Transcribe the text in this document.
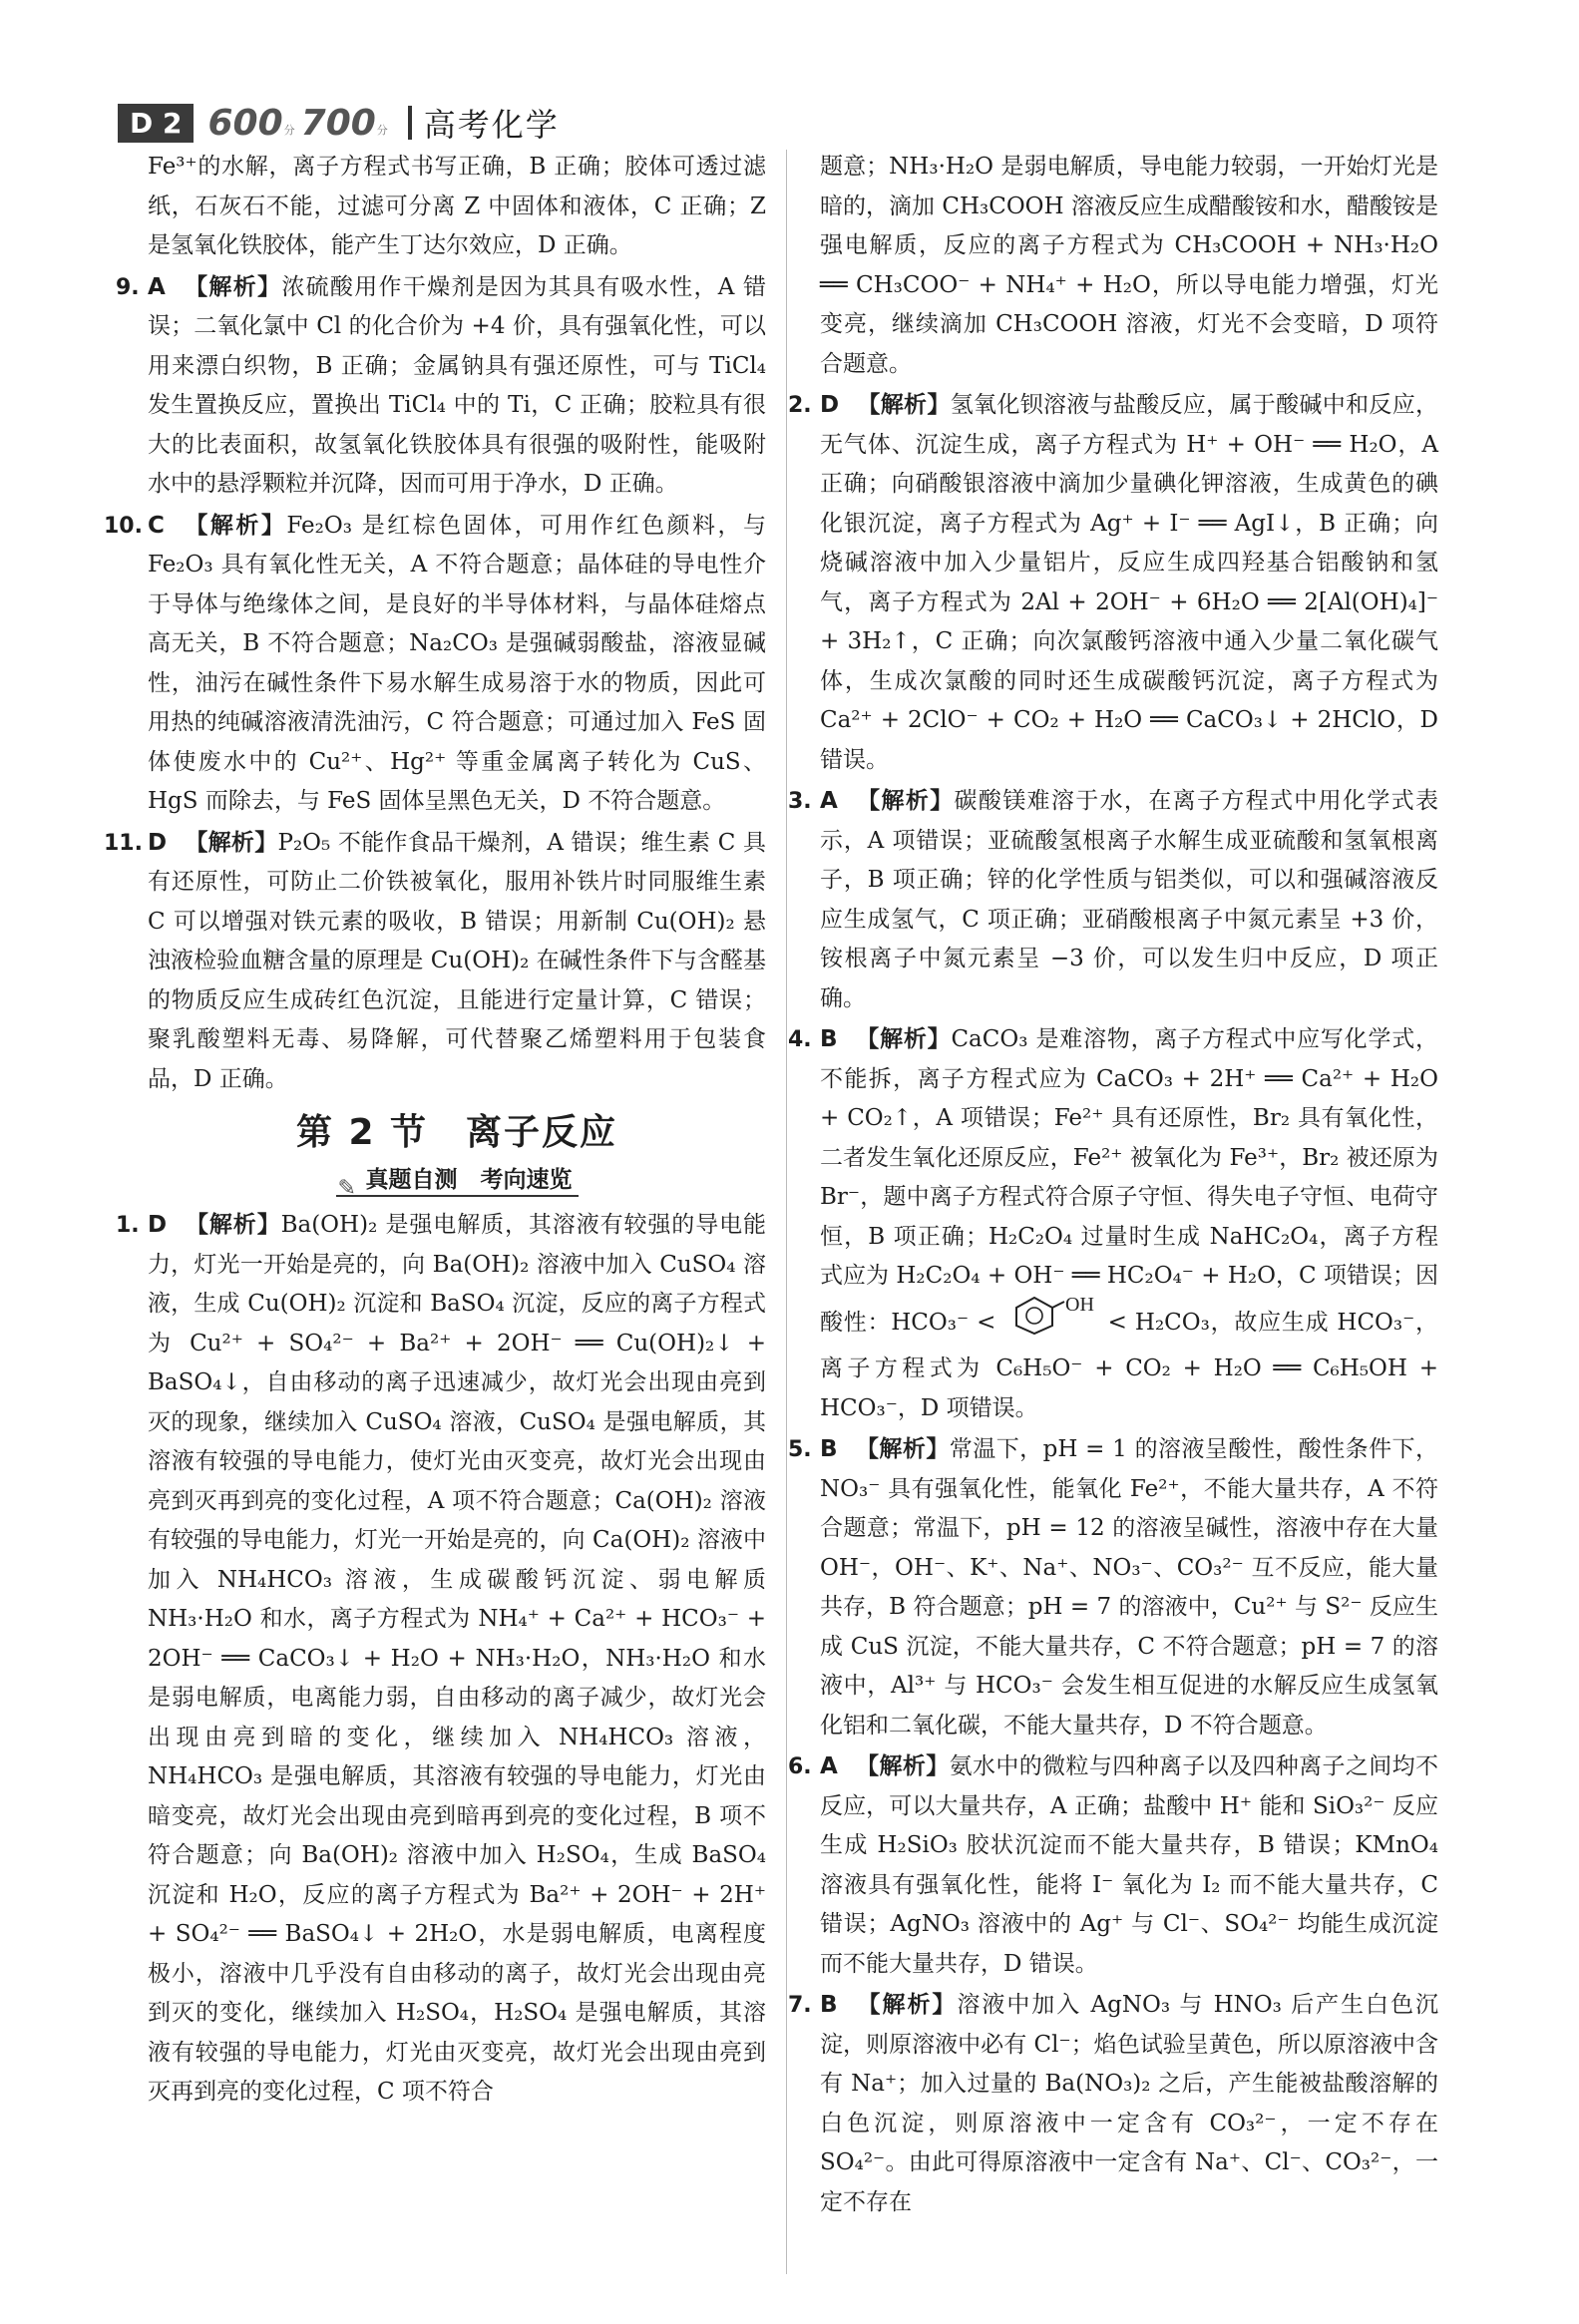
D 2 600 分 700 分 高考化学

Fe³⁺的水解，离子方程式书写正确，B 正确；胶体可透过滤纸，石灰石不能，过滤可分离 Z 中固体和液体，C 正确；Z 是氢氧化铁胶体，能产生丁达尔效应，D 正确。

9. A 【解析】浓硫酸用作干燥剂是因为其具有吸水性，A 错误；二氧化氯中 Cl 的化合价为 +4 价，具有强氧化性，可以用来漂白织物，B 正确；金属钠具有强还原性，可与 TiCl₄ 发生置换反应，置换出 TiCl₄ 中的 Ti，C 正确；胶粒具有很大的比表面积，故氢氧化铁胶体具有很强的吸附性，能吸附水中的悬浮颗粒并沉降，因而可用于净水，D 正确。
10. C 【解析】Fe₂O₃ 是红棕色固体，可用作红色颜料，与 Fe₂O₃ 具有氧化性无关，A 不符合题意；晶体硅的导电性介于导体与绝缘体之间，是良好的半导体材料，与晶体硅熔点高无关，B 不符合题意；Na₂CO₃ 是强碱弱酸盐，溶液显碱性，油污在碱性条件下易水解生成易溶于水的物质，因此可用热的纯碱溶液清洗油污，C 符合题意；可通过加入 FeS 固体使废水中的 Cu²⁺、Hg²⁺ 等重金属离子转化为 CuS、HgS 而除去，与 FeS 固体呈黑色无关，D 不符合题意。
11. D 【解析】P₂O₅ 不能作食品干燥剂，A 错误；维生素 C 具有还原性，可防止二价铁被氧化，服用补铁片时同服维生素 C 可以增强对铁元素的吸收，B 错误；用新制 Cu(OH)₂ 悬浊液检验血糖含量的原理是 Cu(OH)₂ 在碱性条件下与含醛基的物质反应生成砖红色沉淀，且能进行定量计算，C 错误；聚乳酸塑料无毒、易降解，可代替聚乙烯塑料用于包装食品，D 正确。
第 2 节　离子反应
✎ 真题自测　考向速览
1. D 【解析】Ba(OH)₂ 是强电解质，其溶液有较强的导电能力，灯光一开始是亮的，向 Ba(OH)₂ 溶液中加入 CuSO₄ 溶液，生成 Cu(OH)₂ 沉淀和 BaSO₄ 沉淀，反应的离子方程式为 Cu²⁺ + SO₄²⁻ + Ba²⁺ + 2OH⁻ ══ Cu(OH)₂↓ + BaSO₄↓，自由移动的离子迅速减少，故灯光会出现由亮到灭的现象，继续加入 CuSO₄ 溶液，CuSO₄ 是强电解质，其溶液有较强的导电能力，使灯光由灭变亮，故灯光会出现由亮到灭再到亮的变化过程，A 项不符合题意；Ca(OH)₂ 溶液有较强的导电能力，灯光一开始是亮的，向 Ca(OH)₂ 溶液中加入 NH₄HCO₃ 溶液，生成碳酸钙沉淀、弱电解质 NH₃·H₂O 和水，离子方程式为 NH₄⁺ + Ca²⁺ + HCO₃⁻ + 2OH⁻ ══ CaCO₃↓ + H₂O + NH₃·H₂O，NH₃·H₂O 和水是弱电解质，电离能力弱，自由移动的离子减少，故灯光会出现由亮到暗的变化，继续加入 NH₄HCO₃ 溶液，NH₄HCO₃ 是强电解质，其溶液有较强的导电能力，灯光由暗变亮，故灯光会出现由亮到暗再到亮的变化过程，B 项不符合题意；向 Ba(OH)₂ 溶液中加入 H₂SO₄，生成 BaSO₄ 沉淀和 H₂O，反应的离子方程式为 Ba²⁺ + 2OH⁻ + 2H⁺ + SO₄²⁻ ══ BaSO₄↓ + 2H₂O，水是弱电解质，电离程度极小，溶液中几乎没有自由移动的离子，故灯光会出现由亮到灭的变化，继续加入 H₂SO₄，H₂SO₄ 是强电解质，其溶液有较强的导电能力，灯光由灭变亮，故灯光会出现由亮到灭再到亮的变化过程，C 项不符合

题意；NH₃·H₂O 是弱电解质，导电能力较弱，一开始灯光是暗的，滴加 CH₃COOH 溶液反应生成醋酸铵和水，醋酸铵是强电解质，反应的离子方程式为 CH₃COOH + NH₃·H₂O ══ CH₃COO⁻ + NH₄⁺ + H₂O，所以导电能力增强，灯光变亮，继续滴加 CH₃COOH 溶液，灯光不会变暗，D 项符合题意。

2. D 【解析】氢氧化钡溶液与盐酸反应，属于酸碱中和反应，无气体、沉淀生成，离子方程式为 H⁺ + OH⁻ ══ H₂O，A 正确；向硝酸银溶液中滴加少量碘化钾溶液，生成黄色的碘化银沉淀，离子方程式为 Ag⁺ + I⁻ ══ AgI↓，B 正确；向烧碱溶液中加入少量铝片，反应生成四羟基合铝酸钠和氢气，离子方程式为 2Al + 2OH⁻ + 6H₂O ══ 2[Al(OH)₄]⁻ + 3H₂↑，C 正确；向次氯酸钙溶液中通入少量二氧化碳气体，生成次氯酸的同时还生成碳酸钙沉淀，离子方程式为 Ca²⁺ + 2ClO⁻ + CO₂ + H₂O ══ CaCO₃↓ + 2HClO，D 错误。
3. A 【解析】碳酸镁难溶于水，在离子方程式中用化学式表示，A 项错误；亚硫酸氢根离子水解生成亚硫酸和氢氧根离子，B 项正确；锌的化学性质与铝类似，可以和强碱溶液反应生成氢气，C 项正确；亚硝酸根离子中氮元素呈 +3 价，铵根离子中氮元素呈 −3 价，可以发生归中反应，D 项正确。
4. B 【解析】CaCO₃ 是难溶物，离子方程式中应写化学式，不能拆，离子方程式应为 CaCO₃ + 2H⁺ ══ Ca²⁺ + H₂O + CO₂↑，A 项错误；Fe²⁺ 具有还原性，Br₂ 具有氧化性，二者发生氧化还原反应，Fe²⁺ 被氧化为 Fe³⁺，Br₂ 被还原为 Br⁻，题中离子方程式符合原子守恒、得失电子守恒、电荷守恒，B 项正确；H₂C₂O₄ 过量时生成 NaHC₂O₄，离子方程式应为 H₂C₂O₄ + OH⁻ ══ HC₂O₄⁻ + H₂O，C 项错误；因酸性：HCO₃⁻ <
OH
< H₂CO₃，故应生成 HCO₃⁻，离子方程式为 C₆H₅O⁻ + CO₂ + H₂O ══ C₆H₅OH + HCO₃⁻，D 项错误。
5. B 【解析】常温下，pH = 1 的溶液呈酸性，酸性条件下，NO₃⁻ 具有强氧化性，能氧化 Fe²⁺，不能大量共存，A 不符合题意；常温下，pH = 12 的溶液呈碱性，溶液中存在大量 OH⁻，OH⁻、K⁺、Na⁺、NO₃⁻、CO₃²⁻ 互不反应，能大量共存，B 符合题意；pH = 7 的溶液中，Cu²⁺ 与 S²⁻ 反应生成 CuS 沉淀，不能大量共存，C 不符合题意；pH = 7 的溶液中，Al³⁺ 与 HCO₃⁻ 会发生相互促进的水解反应生成氢氧化铝和二氧化碳，不能大量共存，D 不符合题意。
6. A 【解析】氨水中的微粒与四种离子以及四种离子之间均不反应，可以大量共存，A 正确；盐酸中 H⁺ 能和 SiO₃²⁻ 反应生成 H₂SiO₃ 胶状沉淀而不能大量共存，B 错误；KMnO₄ 溶液具有强氧化性，能将 I⁻ 氧化为 I₂ 而不能大量共存，C 错误；AgNO₃ 溶液中的 Ag⁺ 与 Cl⁻、SO₄²⁻ 均能生成沉淀而不能大量共存，D 错误。
7. B 【解析】溶液中加入 AgNO₃ 与 HNO₃ 后产生白色沉淀，则原溶液中必有 Cl⁻；焰色试验呈黄色，所以原溶液中含有 Na⁺；加入过量的 Ba(NO₃)₂ 之后，产生能被盐酸溶解的白色沉淀，则原溶液中一定含有 CO₃²⁻，一定不存在 SO₄²⁻。由此可得原溶液中一定含有 Na⁺、Cl⁻、CO₃²⁻，一定不存在
